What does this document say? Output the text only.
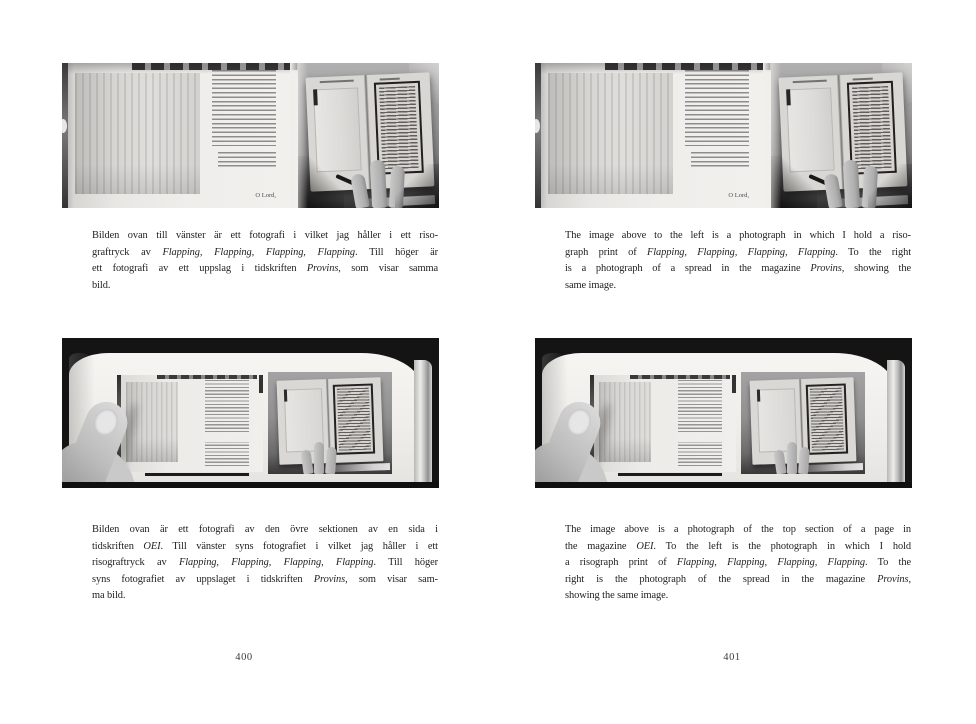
O Lord,
Bilden ovan till vänster är ett fotografi i vilket jag håller i ett riso-
graftryck av Flapping, Flapping, Flapping, Flapping. Till höger är
ett fotografi av ett uppslag i tidskriften Provins, som visar samma
bild.
Bilden ovan är ett fotografi av den övre sektionen av en sida i
tidskriften OEI. Till vänster syns fotografiet i vilket jag håller i ett
risograftryck av Flapping, Flapping, Flapping, Flapping. Till höger
syns fotografiet av uppslaget i tidskriften Provins, som visar sam-
ma bild.
400
O Lord,
The image above to the left is a photograph in which I hold a riso-
graph print of Flapping, Flapping, Flapping, Flapping. To the right
is a photograph of a spread in the magazine Provins, showing the
same image.
The image above is a photograph of the top section of a page in
the magazine OEI. To the left is the photograph in which I hold
a risograph print of Flapping, Flapping, Flapping, Flapping. To the
right is the photograph of the spread in the magazine Provins,
showing the same image.
401
